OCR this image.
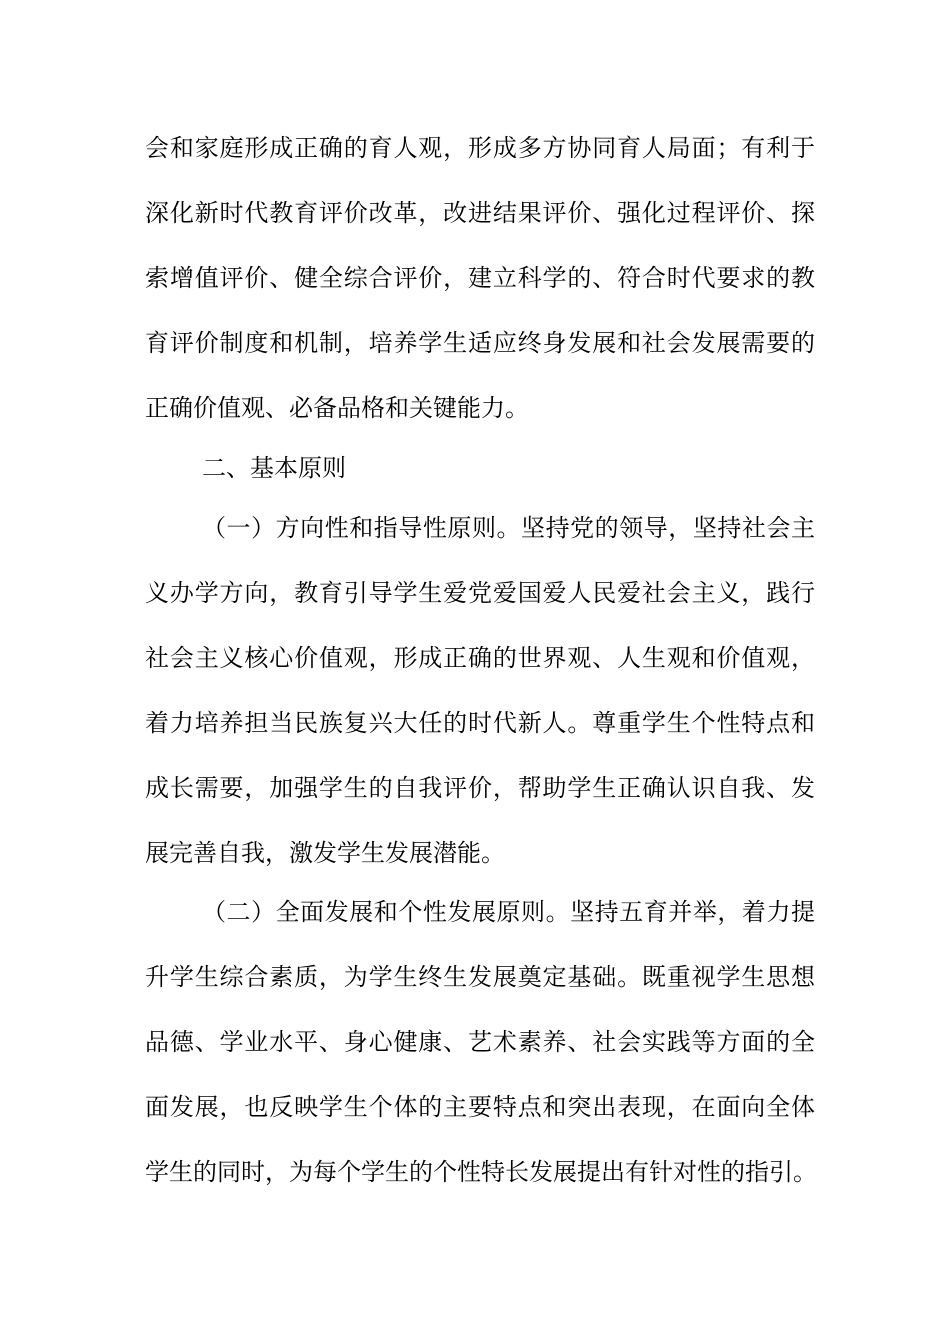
会和家庭形成正确的育人观，形成多方协同育人局面；有利于
深化新时代教育评价改革，改进结果评价、强化过程评价、探
索增值评价、健全综合评价，建立科学的、符合时代要求的教
育评价制度和机制，培养学生适应终身发展和社会发展需要的
正确价值观、必备品格和关键能力。
二、基本原则
（一）方向性和指导性原则。坚持党的领导，坚持社会主
义办学方向，教育引导学生爱党爱国爱人民爱社会主义，践行
社会主义核心价值观，形成正确的世界观、人生观和价值观，
着力培养担当民族复兴大任的时代新人。尊重学生个性特点和
成长需要，加强学生的自我评价，帮助学生正确认识自我、发
展完善自我，激发学生发展潜能。
（二）全面发展和个性发展原则。坚持五育并举，着力提
升学生综合素质，为学生终生发展奠定基础。既重视学生思想
品德、学业水平、身心健康、艺术素养、社会实践等方面的全
面发展，也反映学生个体的主要特点和突出表现，在面向全体
学生的同时，为每个学生的个性特长发展提出有针对性的指引。
